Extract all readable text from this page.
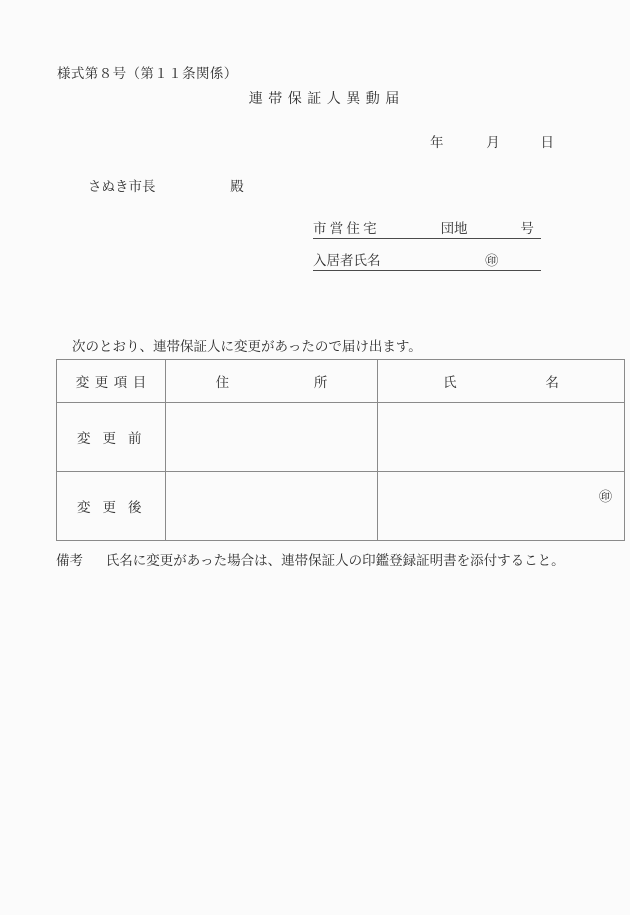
様式第８号（第１１条関係）
連帯保証人異動届
年	月	日
さぬき市長	殿
市営住宅	団地	号
入居者氏名	㊞
次のとおり、連帯保証人に変更があったので届け出ます。
変更項目	住 所	氏 名
変更前		
変更後		㊞
備考 氏名に変更があった場合は、連帯保証人の印鑑登録証明書を添付すること。
